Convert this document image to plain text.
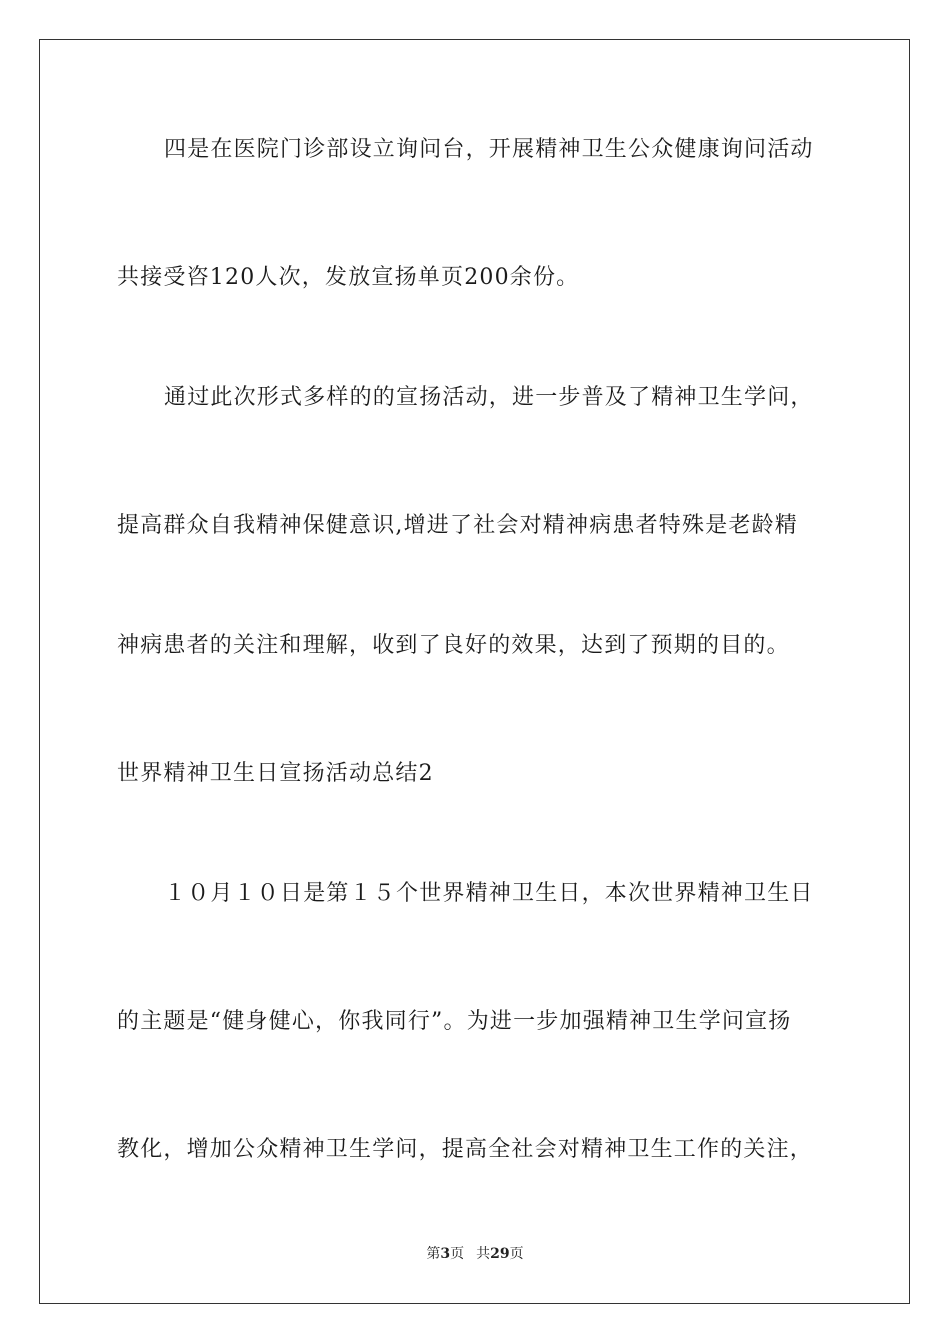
四是在医院门诊部设立询问台，开展精神卫生公众健康询问活动
共接受咨120人次，发放宣扬单页200余份。
通过此次形式多样的的宣扬活动，进一步普及了精神卫生学问，
提高群众自我精神保健意识,增进了社会对精神病患者特殊是老龄精
神病患者的关注和理解，收到了良好的效果，达到了预期的目的。
世界精神卫生日宣扬活动总结2
１０月１０日是第１５个世界精神卫生日，本次世界精神卫生日
的主题是“健身健心，你我同行”。为进一步加强精神卫生学问宣扬
教化，增加公众精神卫生学问，提高全社会对精神卫生工作的关注，
第3页 共29页
